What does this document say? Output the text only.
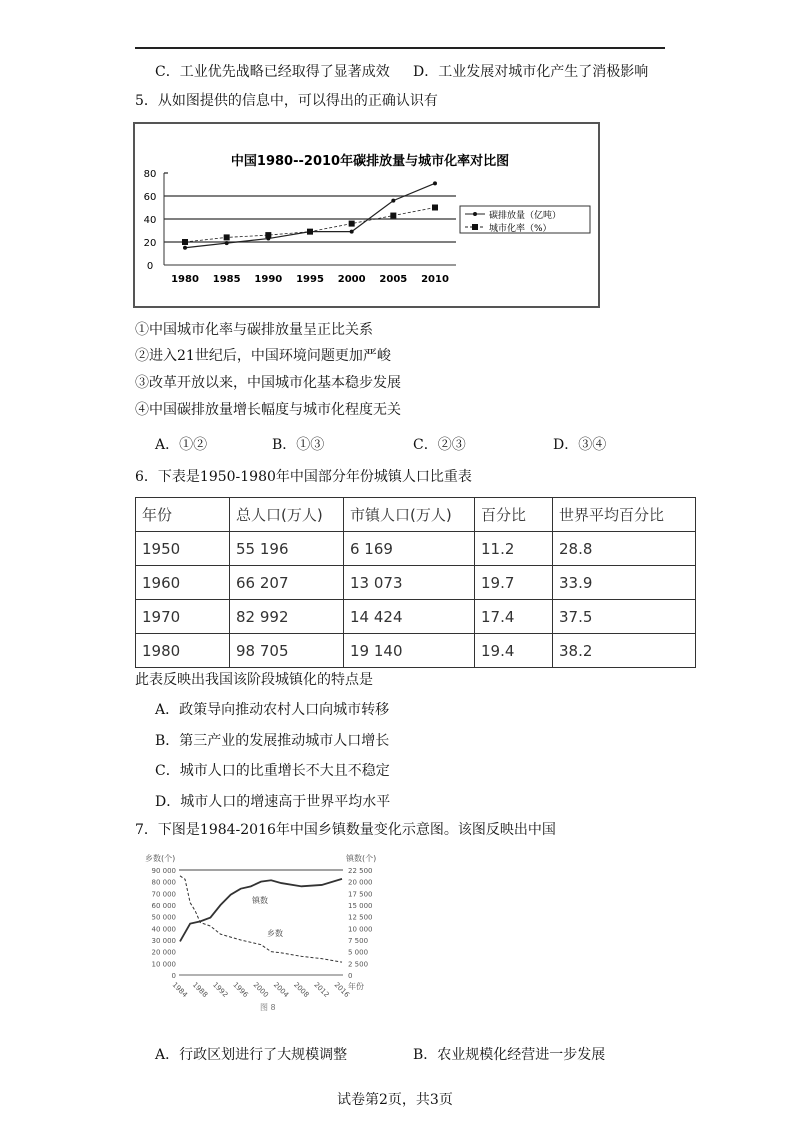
C．工业优先战略已经取得了显著成效 D．工业发展对城市化产生了消极影响
5．从如图提供的信息中，可以得出的正确认识有
中国1980--2010年碳排放量与城市化率对比图
0
20
40
60
80
1980 1985 1990 1995 2000 2005 2010
碳排放量（亿吨）
城市化率（%）
①中国城市化率与碳排放量呈正比关系
②进入21世纪后，中国环境问题更加严峻
③改革开放以来，中国城市化基本稳步发展
④中国碳排放量增长幅度与城市化程度无关
A．①②	B．①③	C．②③	D．③④
6．下表是1950-1980年中国部分年份城镇人口比重表
年份	总人口(万人)	市镇人口(万人)	百分比	世界平均百分比
1950	55 196	6 169	11.2	28.8
1960	66 207	13 073	19.7	33.9
1970	82 992	14 424	17.4	37.5
1980	98 705	19 140	19.4	38.2
此表反映出我国该阶段城镇化的特点是
A．政策导向推动农村人口向城市转移
B．第三产业的发展推动城市人口增长
C．城市人口的比重增长不大且不稳定
D．城市人口的增速高于世界平均水平
7．下图是1984-2016年中国乡镇数量变化示意图。该图反映出中国
乡数(个)	镇数(个)
年份
图 8
0
10 000
20 000
30 000
40 000
50 000
60 000
70 000
80 000
90 000
0
2 500
5 000
7 500
10 000
12 500
15 000
17 500
20 000
22 500
1984 1988 1992 1996 2000 2004 2008 2012 2016
乡数
镇数
A．行政区划进行了大规模调整	B．农业规模化经营进一步发展
试卷第2页，共3页
